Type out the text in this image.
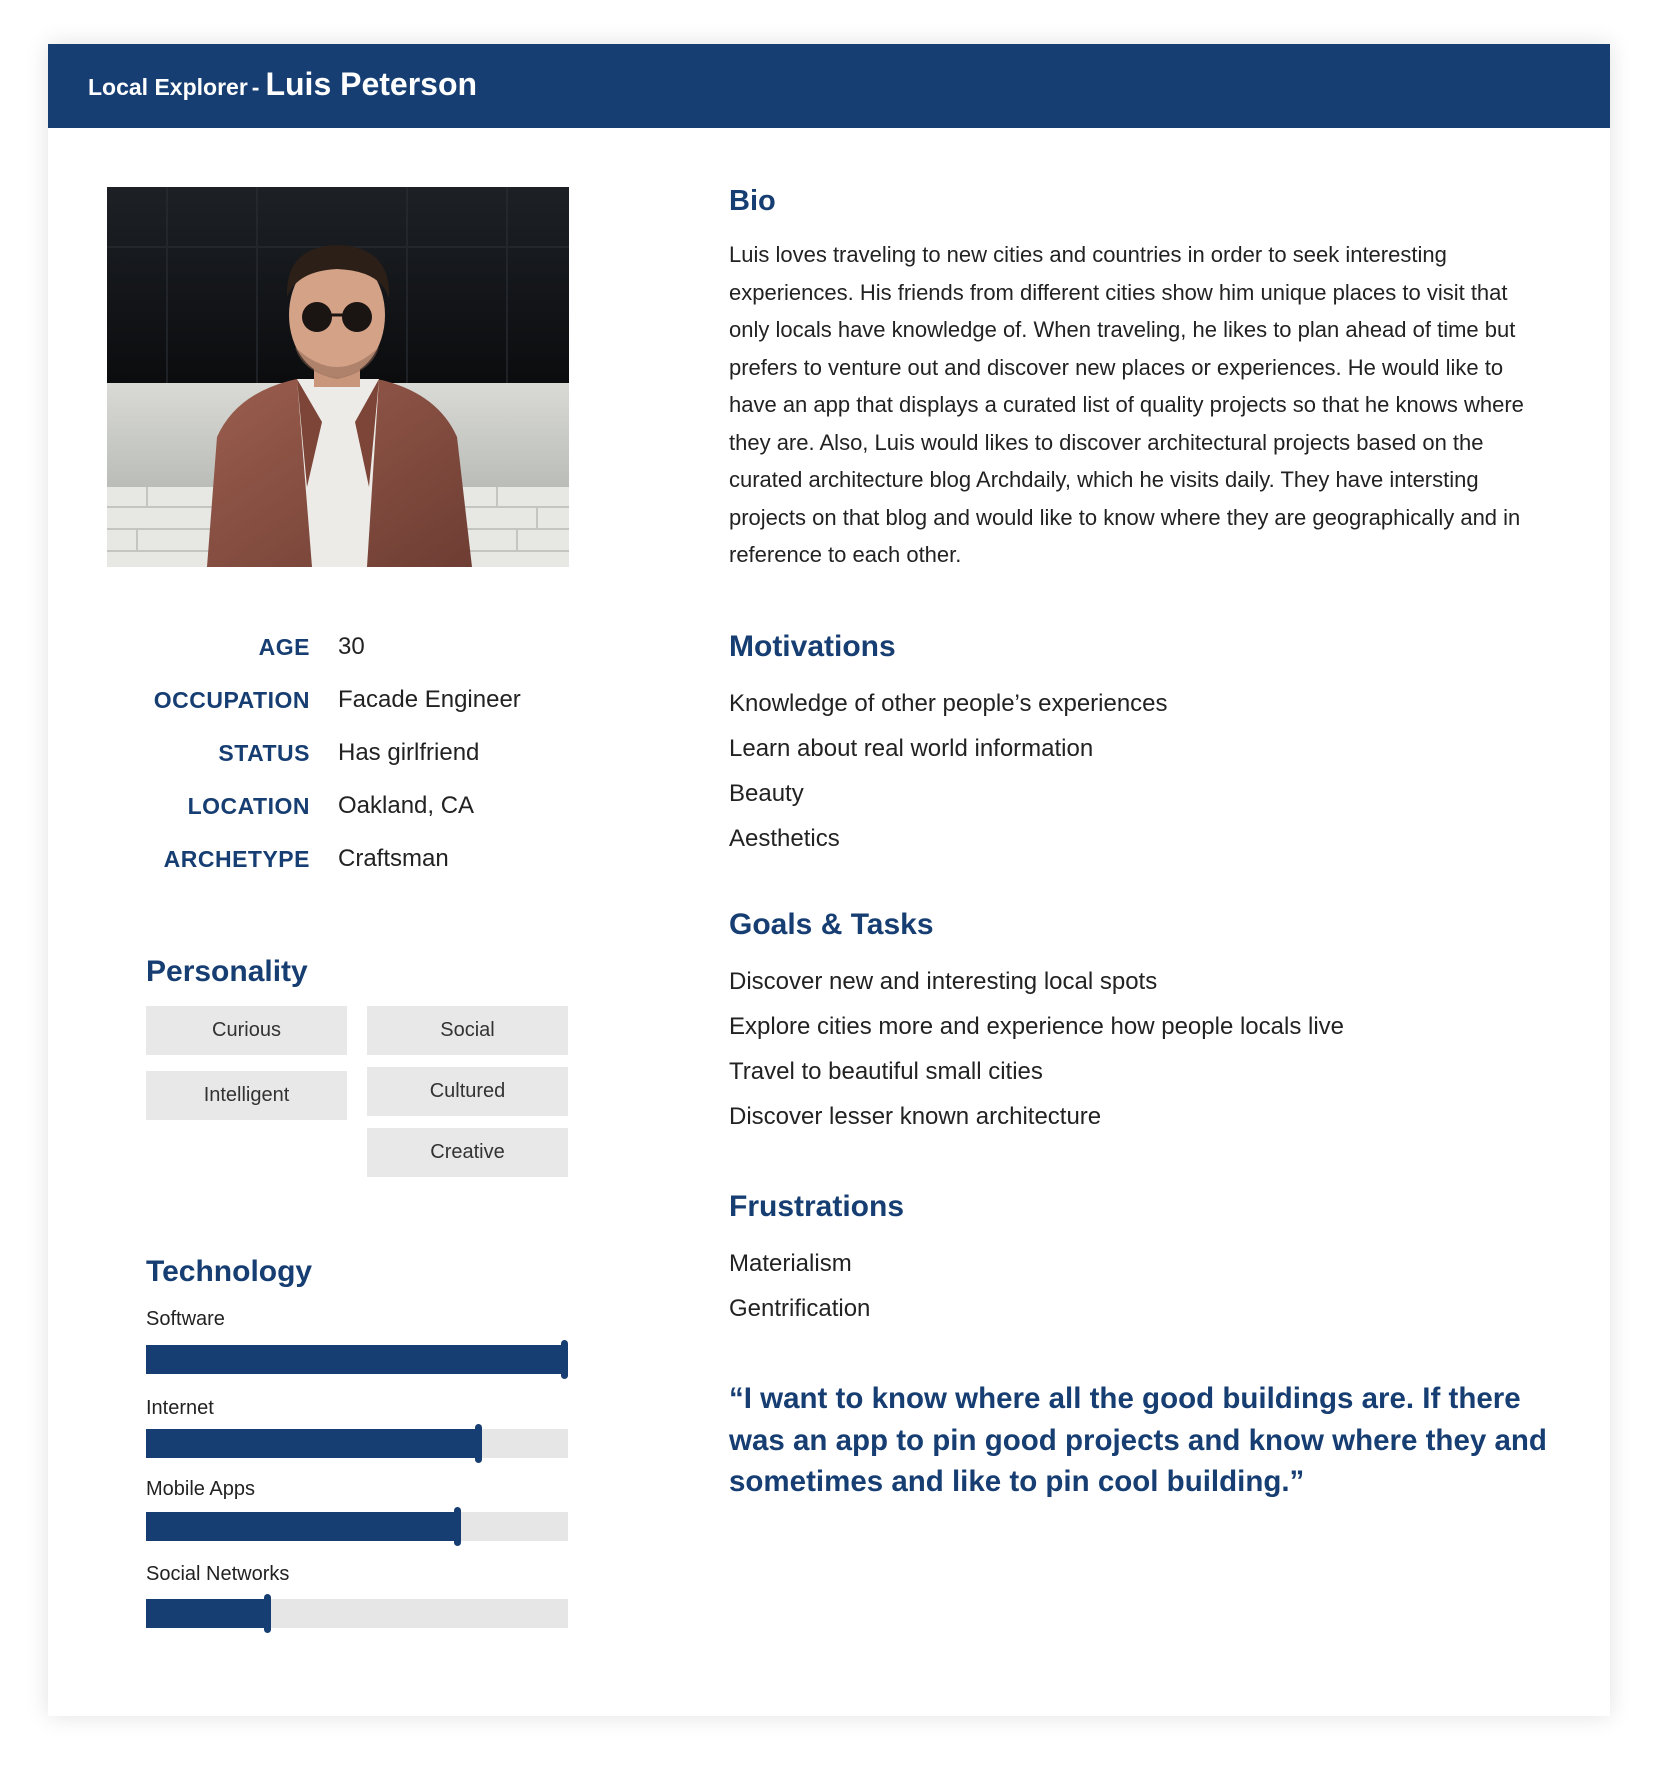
Local Explorer - Luis Peterson
AGE 30
OCCUPATION Facade Engineer
STATUS Has girlfriend
LOCATION Oakland, CA
ARCHETYPE Craftsman
Personality
Curious	Social
Intelligent	Cultured
Creative
Technology
Software
Internet
Mobile Apps
Social Networks
Bio
Luis loves traveling to new cities and countries in order to seek interesting experiences. His friends from different cities show him unique places to visit that only locals have knowledge of. When traveling, he likes to plan ahead of time but prefers to venture out and discover new places or experiences. He would like to have an app that displays a curated list of quality projects so that he knows where they are. Also, Luis would likes to discover architectural projects based on the curated architecture blog Archdaily, which he visits daily. They have intersting projects on that blog and would like to know where they are geographically and in reference to each other.
Motivations
Knowledge of other people’s experiences
Learn about real world information
Beauty
Aesthetics
Goals & Tasks
Discover new and interesting local spots
Explore cities more and experience how people locals live
Travel to beautiful small cities
Discover lesser known architecture
Frustrations
Materialism
Gentrification
“I want to know where all the good buildings are. If there was an app to pin good projects and know where they and sometimes and like to pin cool building.”
